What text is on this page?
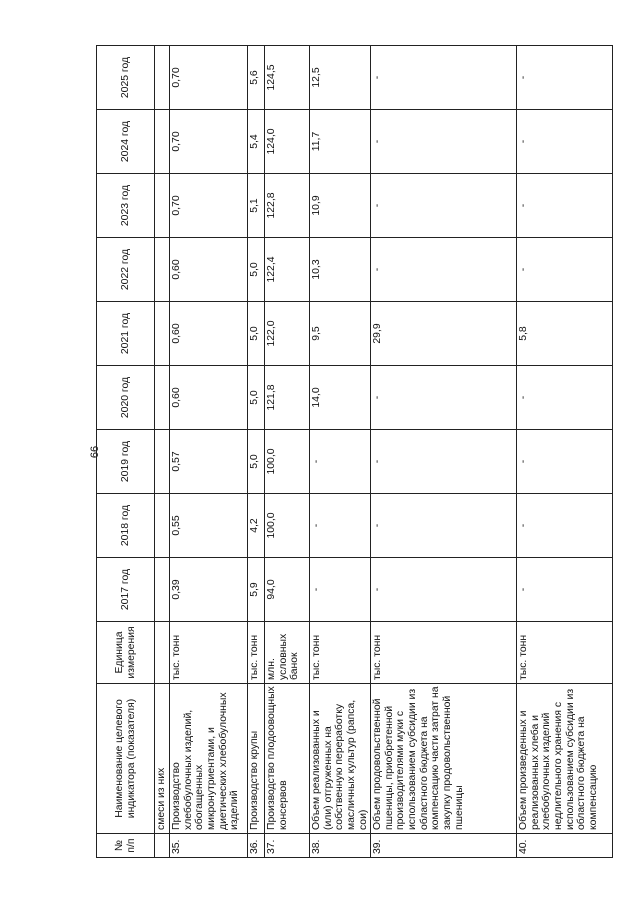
66
№ п/п	Наименование целевого индикатора (показателя)	Единица измерения	2017 год	2018 год	2019 год	2020 год	2021 год	2022 год	2023 год	2024 год	2025 год
	смеси из них										
35.	Производство хлебобулочных изделий, обогащенных микронутриентами, и диетических хлебобулочных изделий	тыс. тонн	0,39	0,55	0,57	0,60	0,60	0,60	0,70	0,70	0,70
36.	Производство крупы	тыс. тонн	5,9	4,2	5,0	5,0	5,0	5,0	5,1	5,4	5,6
37.	Производство плодоовощных консервов	млн. условных банок	94,0	100,0	100,0	121,8	122,0	122,4	122,8	124,0	124,5
38.	Объем реализованных и (или) отгруженных на собственную переработку масличных культур (рапса, сои)	тыс. тонн	-	-	-	14,0	9,5	10,3	10,9	11,7	12,5
39.	Объем продовольственной пшеницы, приобретенной производителями муки с использованием субсидии из областного бюджета на компенсацию части затрат на закупку продовольственной пшеницы	тыс. тонн	-	-	-	-	29,9	-	-	-	-
40.	Объем произведенных и реализованных хлеба и хлебобулочных изделий недлительного хранения с использованием субсидии из областного бюджета на компенсацию	тыс. тонн	-	-	-	-	5,8	-	-	-	-
